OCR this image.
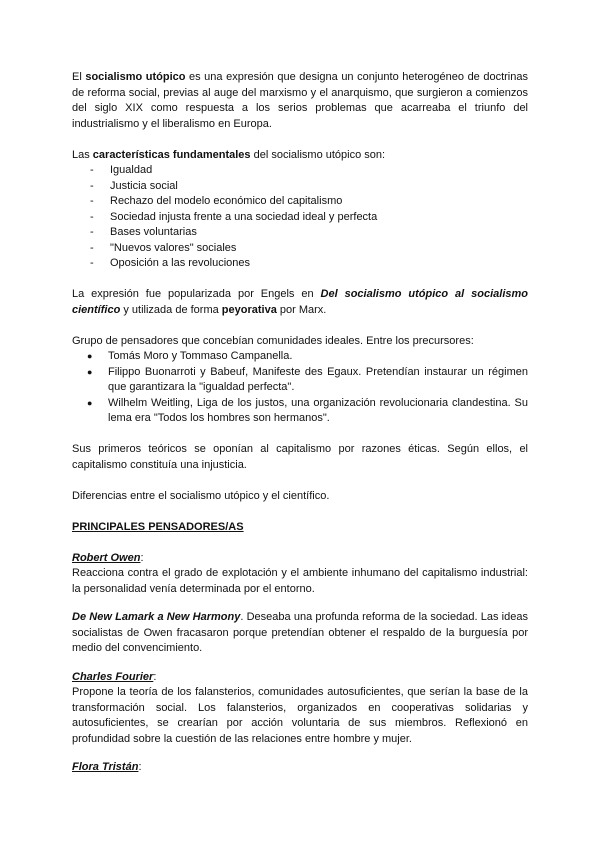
El socialismo utópico es una expresión que designa un conjunto heterogéneo de doctrinas de reforma social, previas al auge del marxismo y el anarquismo, que surgieron a comienzos del siglo XIX como respuesta a los serios problemas que acarreaba el triunfo del industrialismo y el liberalismo en Europa.

Las características fundamentales del socialismo utópico son:

- Igualdad
- Justicia social
- Rechazo del modelo económico del capitalismo
- Sociedad injusta frente a una sociedad ideal y perfecta
- Bases voluntarias
- "Nuevos valores" sociales
- Oposición a las revoluciones

La expresión fue popularizada por Engels en Del socialismo utópico al socialismo científico y utilizada de forma peyorativa por Marx.

Grupo de pensadores que concebían comunidades ideales. Entre los precursores:

● Tomás Moro y Tommaso Campanella.
● Filippo Buonarroti y Babeuf, Manifeste des Egaux. Pretendían instaurar un régimen que garantizara la "igualdad perfecta".
● Wilhelm Weitling, Liga de los justos, una organización revolucionaria clandestina. Su lema era "Todos los hombres son hermanos".

Sus primeros teóricos se oponían al capitalismo por razones éticas. Según ellos, el capitalismo constituía una injusticia.

Diferencias entre el socialismo utópico y el científico.

PRINCIPALES PENSADORES/AS

Robert Owen:

Reacciona contra el grado de explotación y el ambiente inhumano del capitalismo industrial: la personalidad venía determinada por el entorno.

De New Lamark a New Harmony. Deseaba una profunda reforma de la sociedad. Las ideas socialistas de Owen fracasaron porque pretendían obtener el respaldo de la burguesía por medio del convencimiento.

Charles Fourier:

Propone la teoría de los falansterios, comunidades autosuficientes, que serían la base de la transformación social. Los falansterios, organizados en cooperativas solidarias y autosuficientes, se crearían por acción voluntaria de sus miembros. Reflexionó en profundidad sobre la cuestión de las relaciones entre hombre y mujer.

Flora Tristán:
